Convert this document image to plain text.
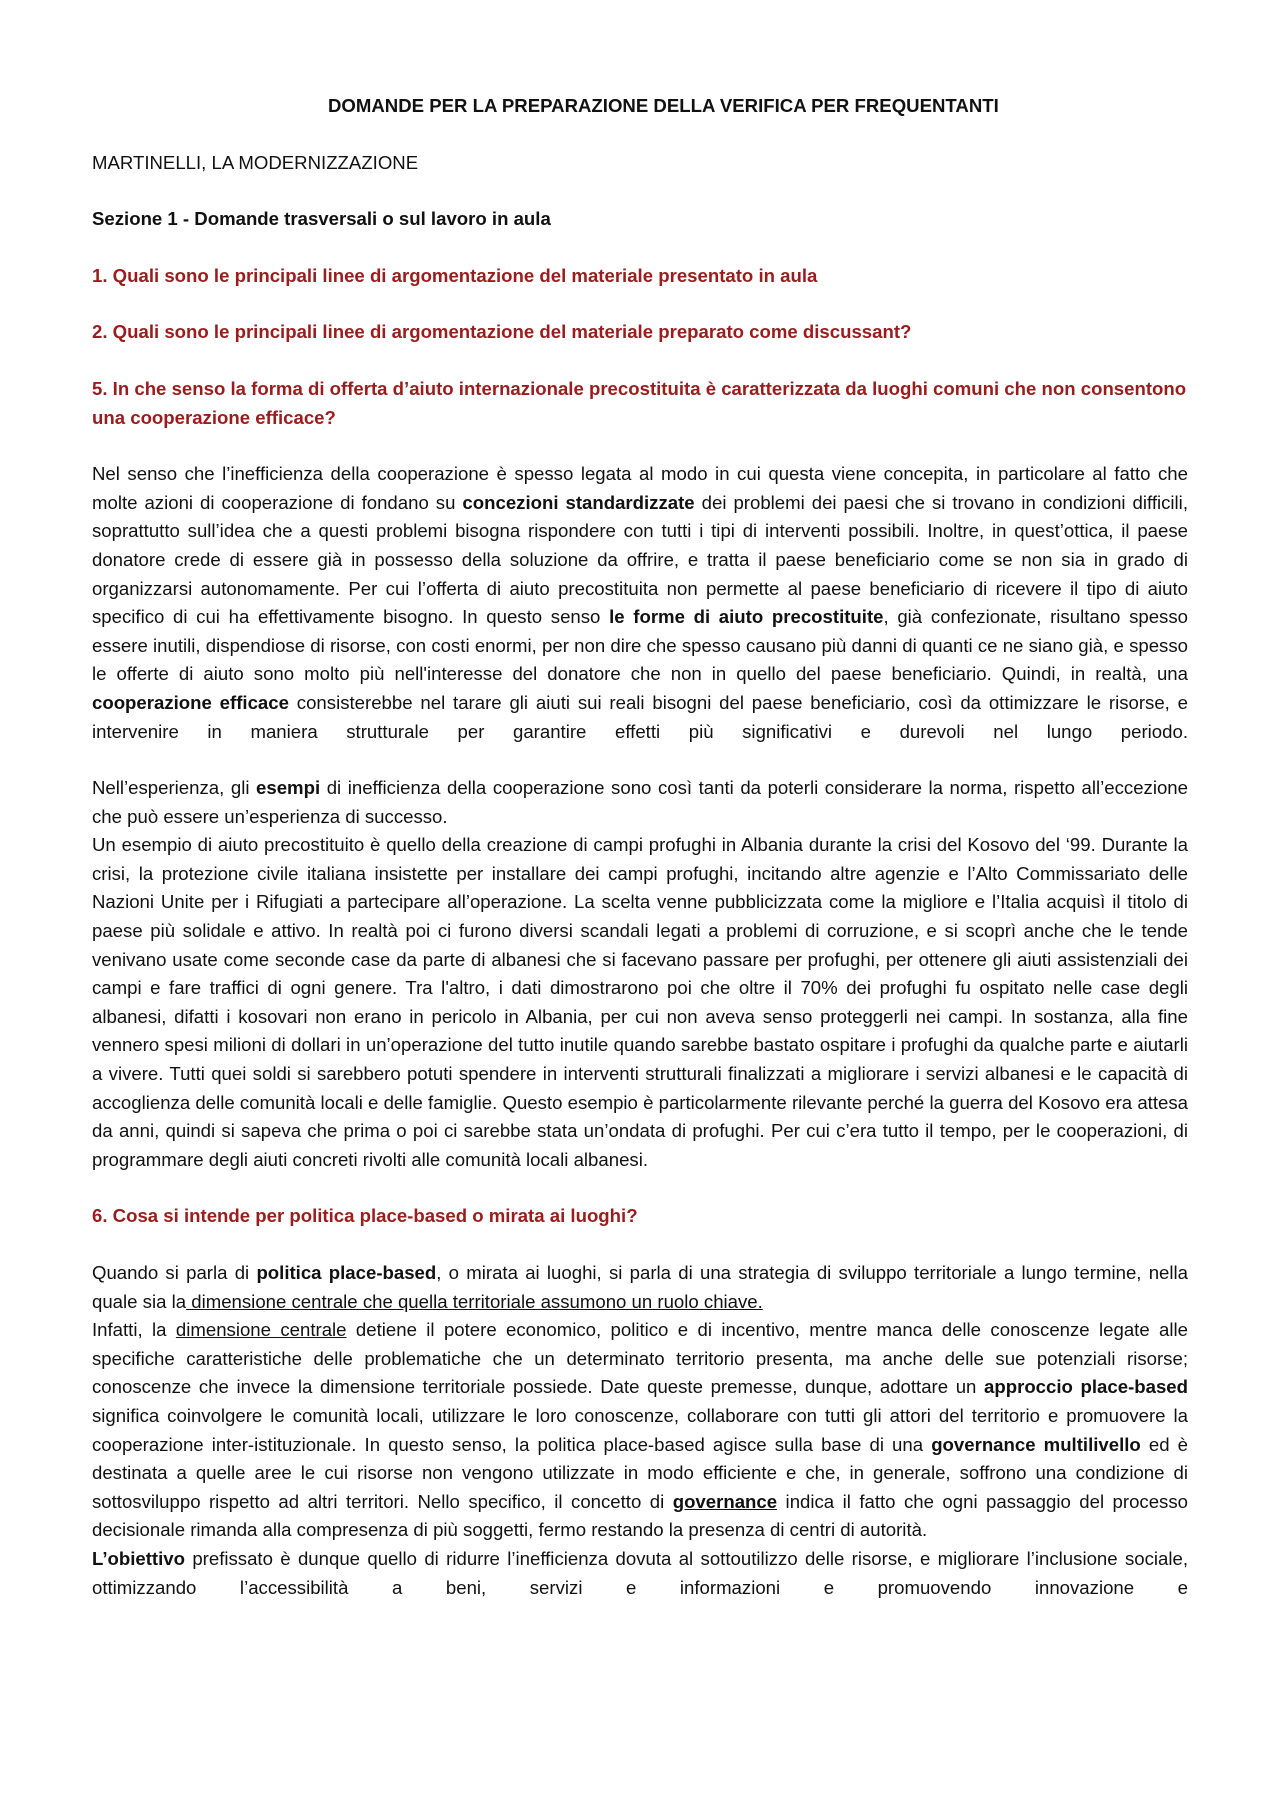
DOMANDE PER LA PREPARAZIONE DELLA VERIFICA PER FREQUENTANTI

MARTINELLI, LA MODERNIZZAZIONE

Sezione 1 - Domande trasversali o sul lavoro in aula

1. Quali sono le principali linee di argomentazione del materiale presentato in aula

2. Quali sono le principali linee di argomentazione del materiale preparato come discussant?

5. In che senso la forma di offerta d’aiuto internazionale precostituita è caratterizzata da luoghi comuni che non consentono una cooperazione efficace?

Nel senso che l’inefficienza della cooperazione è spesso legata al modo in cui questa viene concepita, in particolare al fatto che molte azioni di cooperazione di fondano su concezioni standardizzate dei problemi dei paesi che si trovano in condizioni difficili, soprattutto sull’idea che a questi problemi bisogna rispondere con tutti i tipi di interventi possibili. Inoltre, in quest’ottica, il paese donatore crede di essere già in possesso della soluzione da offrire, e tratta il paese beneficiario come se non sia in grado di organizzarsi autonomamente. Per cui l’offerta di aiuto precostituita non permette al paese beneficiario di ricevere il tipo di aiuto specifico di cui ha effettivamente bisogno. In questo senso le forme di aiuto precostituite, già confezionate, risultano spesso essere inutili, dispendiose di risorse, con costi enormi, per non dire che spesso causano più danni di quanti ce ne siano già, e spesso le offerte di aiuto sono molto più nell'interesse del donatore che non in quello del paese beneficiario. Quindi, in realtà, una cooperazione efficace consisterebbe nel tarare gli aiuti sui reali bisogni del paese beneficiario, così da ottimizzare le risorse, e intervenire in maniera strutturale per garantire effetti più significativi e durevoli nel lungo periodo.

Nell’esperienza, gli esempi di inefficienza della cooperazione sono così tanti da poterli considerare la norma, rispetto all’eccezione che può essere un’esperienza di successo.

Un esempio di aiuto precostituito è quello della creazione di campi profughi in Albania durante la crisi del Kosovo del ‘99. Durante la crisi, la protezione civile italiana insistette per installare dei campi profughi, incitando altre agenzie e l’Alto Commissariato delle Nazioni Unite per i Rifugiati a partecipare all’operazione. La scelta venne pubblicizzata come la migliore e l’Italia acquisì il titolo di paese più solidale e attivo. In realtà poi ci furono diversi scandali legati a problemi di corruzione, e si scoprì anche che le tende venivano usate come seconde case da parte di albanesi che si facevano passare per profughi, per ottenere gli aiuti assistenziali dei campi e fare traffici di ogni genere. Tra l'altro, i dati dimostrarono poi che oltre il 70% dei profughi fu ospitato nelle case degli albanesi, difatti i kosovari non erano in pericolo in Albania, per cui non aveva senso proteggerli nei campi. In sostanza, alla fine vennero spesi milioni di dollari in un’operazione del tutto inutile quando sarebbe bastato ospitare i profughi da qualche parte e aiutarli a vivere. Tutti quei soldi si sarebbero potuti spendere in interventi strutturali finalizzati a migliorare i servizi albanesi e le capacità di accoglienza delle comunità locali e delle famiglie. Questo esempio è particolarmente rilevante perché la guerra del Kosovo era attesa da anni, quindi si sapeva che prima o poi ci sarebbe stata un’ondata di profughi. Per cui c’era tutto il tempo, per le cooperazioni, di programmare degli aiuti concreti rivolti alle comunità locali albanesi.

6. Cosa si intende per politica place-based o mirata ai luoghi?

Quando si parla di politica place-based, o mirata ai luoghi, si parla di una strategia di sviluppo territoriale a lungo termine, nella quale sia la dimensione centrale che quella territoriale assumono un ruolo chiave.

Infatti, la dimensione centrale detiene il potere economico, politico e di incentivo, mentre manca delle conoscenze legate alle specifiche caratteristiche delle problematiche che un determinato territorio presenta, ma anche delle sue potenziali risorse; conoscenze che invece la dimensione territoriale possiede. Date queste premesse, dunque, adottare un approccio place-based significa coinvolgere le comunità locali, utilizzare le loro conoscenze, collaborare con tutti gli attori del territorio e promuovere la cooperazione inter-istituzionale. In questo senso, la politica place-based agisce sulla base di una governance multilivello ed è destinata a quelle aree le cui risorse non vengono utilizzate in modo efficiente e che, in generale, soffrono una condizione di sottosviluppo rispetto ad altri territori. Nello specifico, il concetto di governance indica il fatto che ogni passaggio del processo decisionale rimanda alla compresenza di più soggetti, fermo restando la presenza di centri di autorità.

L’obiettivo prefissato è dunque quello di ridurre l’inefficienza dovuta al sottoutilizzo delle risorse, e migliorare l’inclusione sociale, ottimizzando l’accessibilità a beni, servizi e informazioni e promuovendo innovazione e
